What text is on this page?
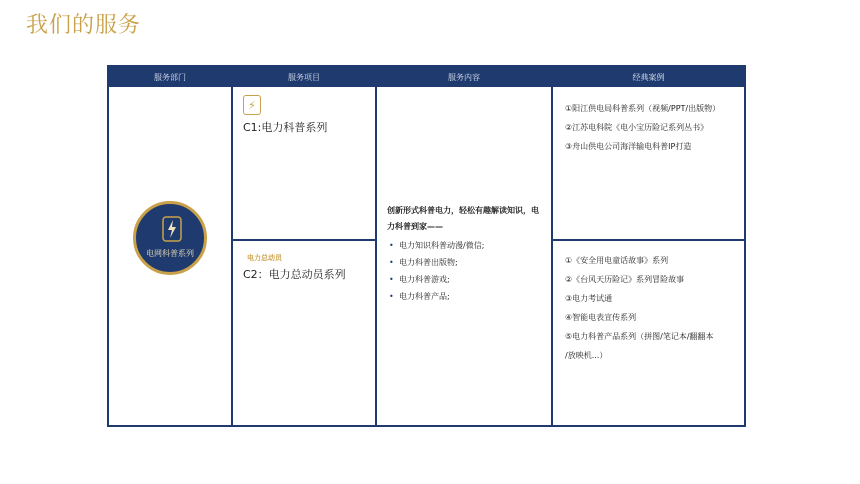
我们的服务
服务部门
电网科普系列
服务项目
⚡
C1:电力科普系列
电力总动员
C2：电力总动员系列
服务内容
创新形式科普电力，轻松有趣解读知识，电力科普到家——
• 电力知识科普动漫/微信;
• 电力科普出版物;
• 电力科普游戏;
• 电力科普产品;
经典案例
①阳江供电局科普系列（视频/PPT/出版物）
②江苏电科院《电小宝历险记系列丛书》
③舟山供电公司海洋输电科普IP打造
①《安全用电童话故事》系列
②《台风天历险记》系列冒险故事
③电力考试通
④智能电表宣传系列
⑤电力科普产品系列（拼图/笔记本/翻翻本
/放映机...）
